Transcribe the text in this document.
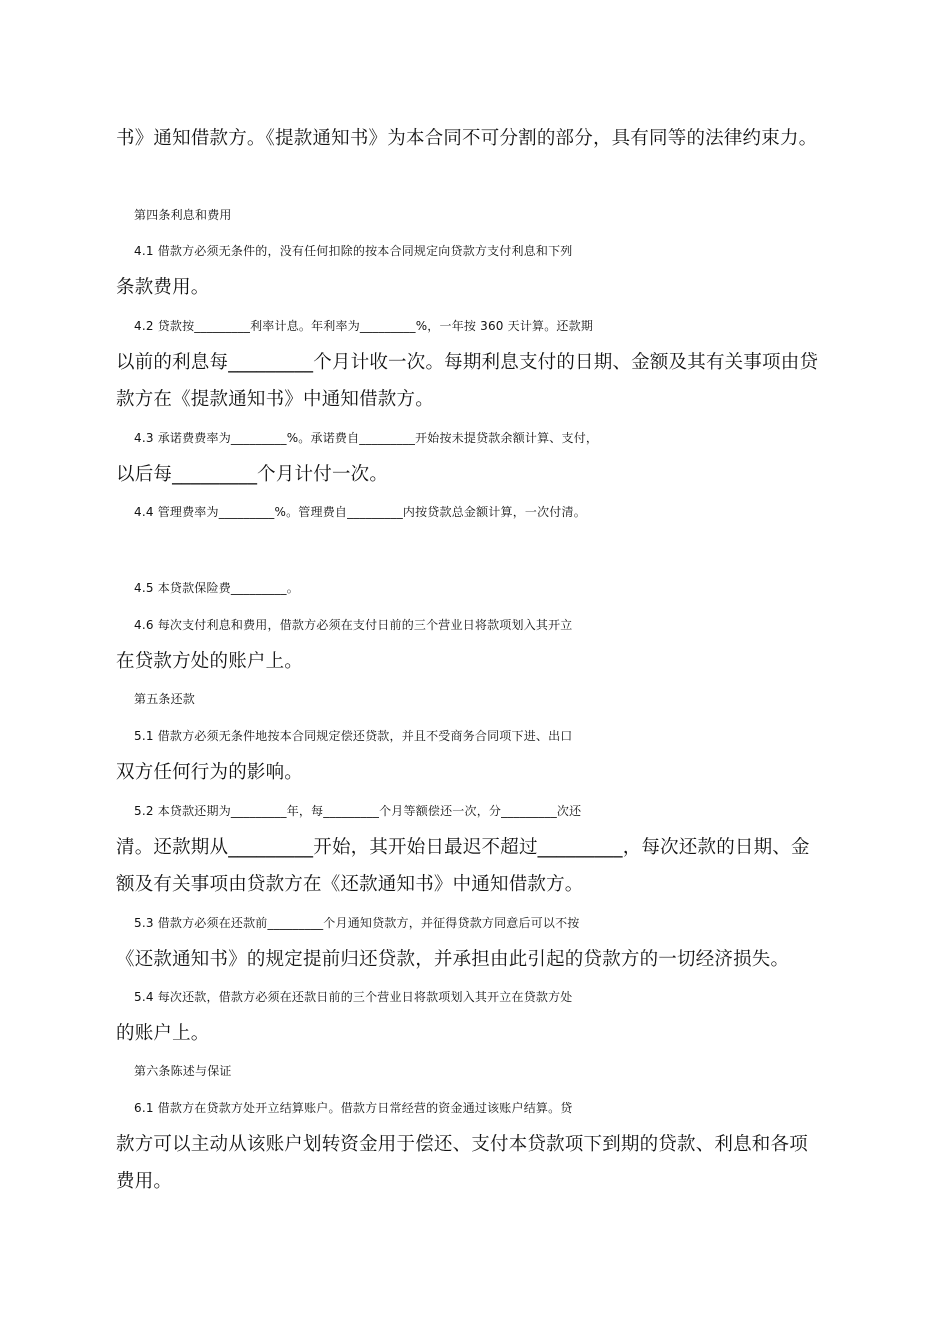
书》通知借款方。《提款通知书》为本合同不可分割的部分，具有同等的法律约束力。
第四条利息和费用
4.1 借款方必须无条件的，没有任何扣除的按本合同规定向贷款方支付利息和下列
条款费用。
4.2 贷款按_________利率计息。年利率为_________%，一年按 360 天计算。还款期
以前的利息每_________个月计收一次。每期利息支付的日期、金额及其有关事项由贷
款方在《提款通知书》中通知借款方。
4.3 承诺费费率为_________%。承诺费自_________开始按未提贷款余额计算、支付，
以后每_________个月计付一次。
4.4 管理费率为_________%。管理费自_________内按贷款总金额计算，一次付清。
4.5 本贷款保险费_________。
4.6 每次支付利息和费用，借款方必须在支付日前的三个营业日将款项划入其开立
在贷款方处的账户上。
第五条还款
5.1 借款方必须无条件地按本合同规定偿还贷款，并且不受商务合同项下进、出口
双方任何行为的影响。
5.2 本贷款还期为_________年，每_________个月等额偿还一次，分_________次还
清。还款期从_________开始，其开始日最迟不超过_________，每次还款的日期、金
额及有关事项由贷款方在《还款通知书》中通知借款方。
5.3 借款方必须在还款前_________个月通知贷款方，并征得贷款方同意后可以不按
《还款通知书》的规定提前归还贷款，并承担由此引起的贷款方的一切经济损失。
5.4 每次还款，借款方必须在还款日前的三个营业日将款项划入其开立在贷款方处
的账户上。
第六条陈述与保证
6.1 借款方在贷款方处开立结算账户。借款方日常经营的资金通过该账户结算。贷
款方可以主动从该账户划转资金用于偿还、支付本贷款项下到期的贷款、利息和各项
费用。
